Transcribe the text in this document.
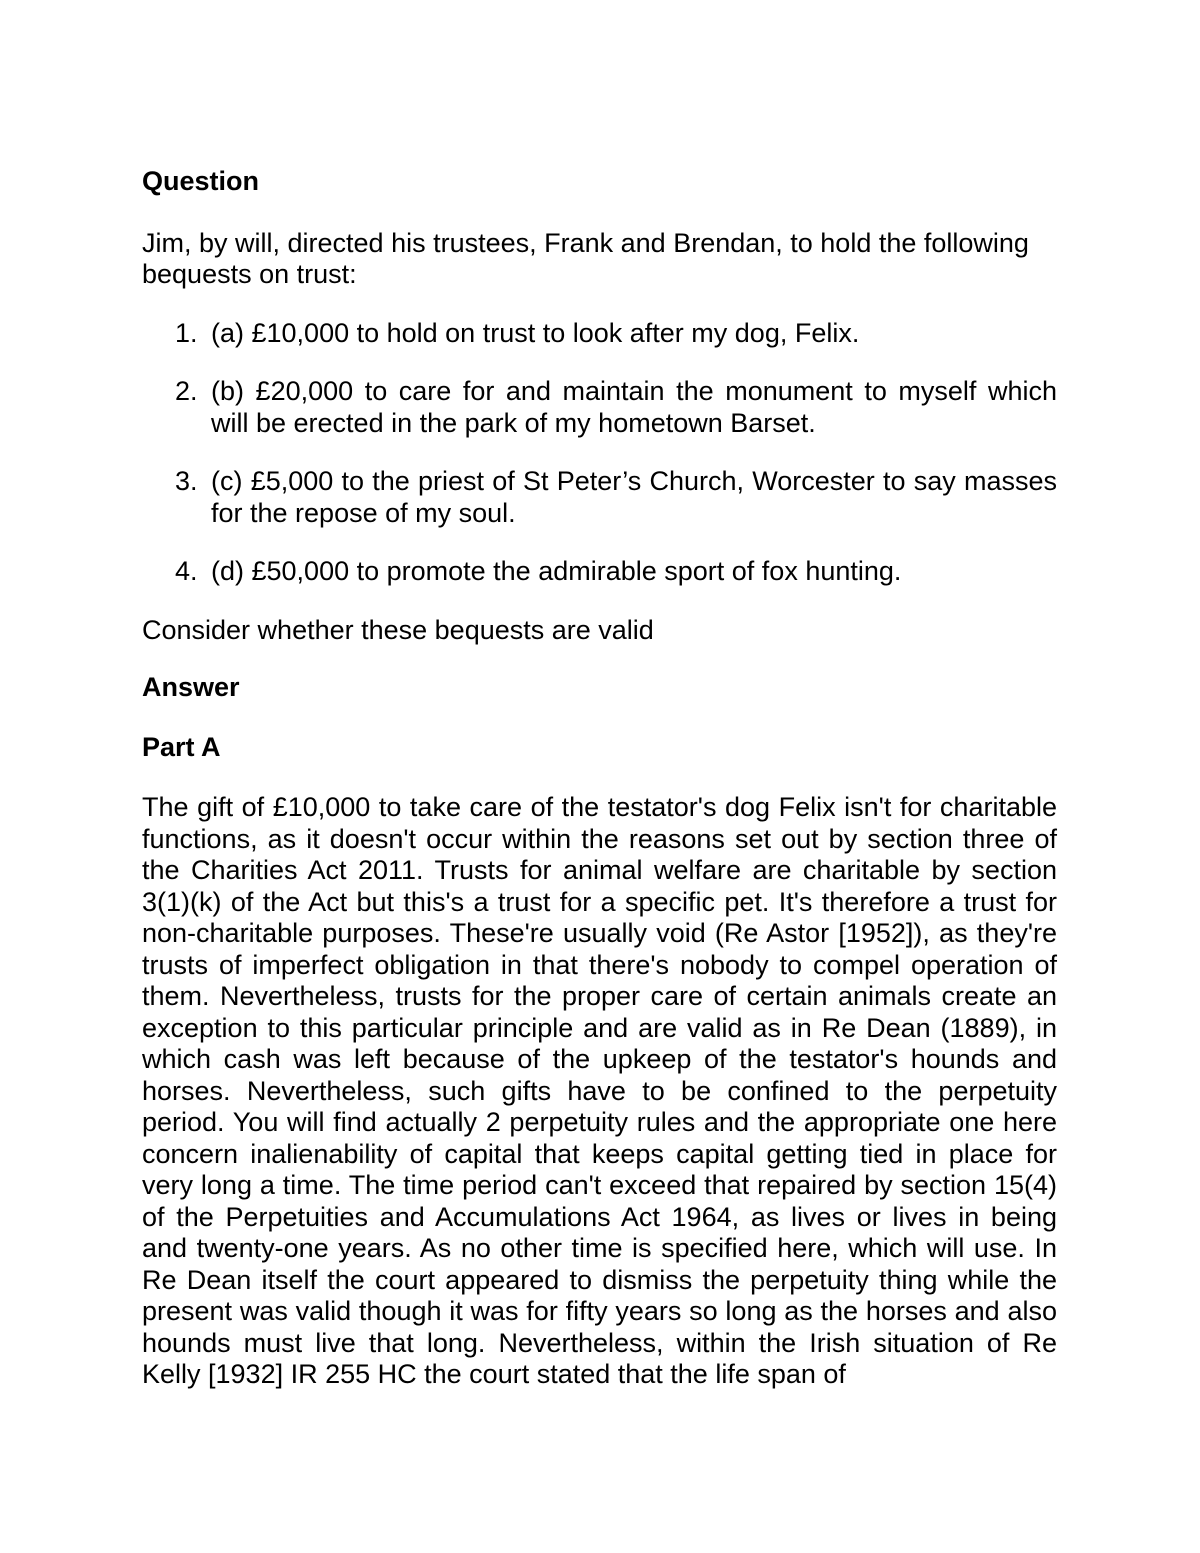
Question

Jim, by will, directed his trustees, Frank and Brendan, to hold the following bequests on trust:

1. (a) £10,000 to hold on trust to look after my dog, Felix.
2. (b) £20,000 to care for and maintain the monument to myself which will be erected in the park of my hometown Barset.
3. (c) £5,000 to the priest of St Peter’s Church, Worcester to say masses for the repose of my soul.
4. (d) £50,000 to promote the admirable sport of fox hunting.

Consider whether these bequests are valid

Answer

Part A

The gift of £10,000 to take care of the testator's dog Felix isn't for charitable functions, as it doesn't occur within the reasons set out by section three of the Charities Act 2011. Trusts for animal welfare are charitable by section 3(1)(k) of the Act but this's a trust for a specific pet. It's therefore a trust for non-charitable purposes. These're usually void (Re Astor [1952]), as they're trusts of imperfect obligation in that there's nobody to compel operation of them. Nevertheless, trusts for the proper care of certain animals create an exception to this particular principle and are valid as in Re Dean (1889), in which cash was left because of the upkeep of the testator's hounds and horses. Nevertheless, such gifts have to be confined to the perpetuity period. You will find actually 2 perpetuity rules and the appropriate one here concern inalienability of capital that keeps capital getting tied in place for very long a time. The time period can't exceed that repaired by section 15(4) of the Perpetuities and Accumulations Act 1964, as lives or lives in being and twenty-one years. As no other time is specified here, which will use. In Re Dean itself the court appeared to dismiss the perpetuity thing while the present was valid though it was for fifty years so long as the horses and also hounds must live that long. Nevertheless, within the Irish situation of Re Kelly [1932] IR 255 HC the court stated that the life span of
